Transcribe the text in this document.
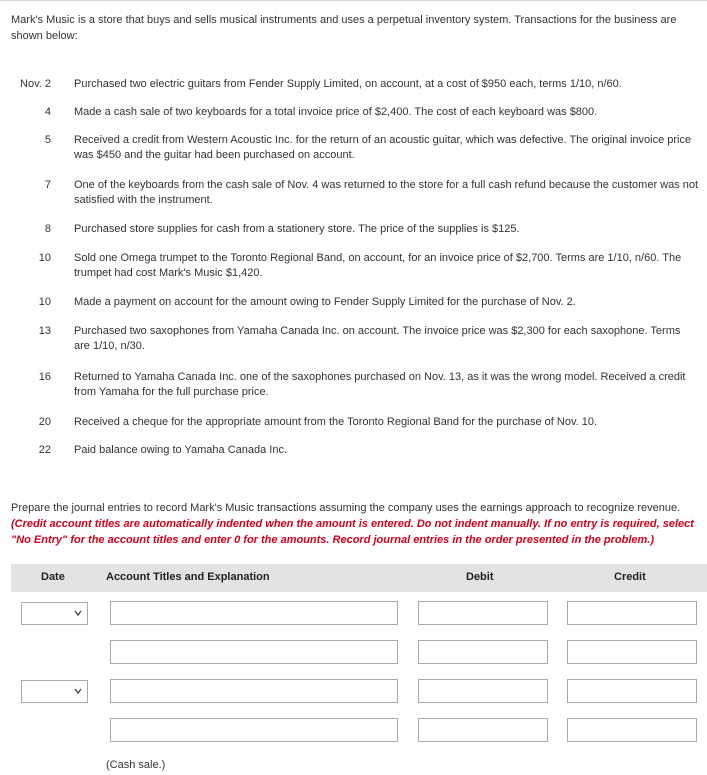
Mark's Music is a store that buys and sells musical instruments and uses a perpetual inventory system. Transactions for the business are shown below:
Nov. 2 Purchased two electric guitars from Fender Supply Limited, on account, at a cost of $950 each, terms 1/10, n/60.
4 Made a cash sale of two keyboards for a total invoice price of $2,400. The cost of each keyboard was $800.
5 Received a credit from Western Acoustic Inc. for the return of an acoustic guitar, which was defective. The original invoice price was $450 and the guitar had been purchased on account.
7 One of the keyboards from the cash sale of Nov. 4 was returned to the store for a full cash refund because the customer was not satisfied with the instrument.
8 Purchased store supplies for cash from a stationery store. The price of the supplies is $125.
10 Sold one Omega trumpet to the Toronto Regional Band, on account, for an invoice price of $2,700. Terms are 1/10, n/60. The trumpet had cost Mark's Music $1,420.
10 Made a payment on account for the amount owing to Fender Supply Limited for the purchase of Nov. 2.
13 Purchased two saxophones from Yamaha Canada Inc. on account. The invoice price was $2,300 for each saxophone. Terms are 1/10, n/30.
16 Returned to Yamaha Canada Inc. one of the saxophones purchased on Nov. 13, as it was the wrong model. Received a credit from Yamaha for the full purchase price.
20 Received a cheque for the appropriate amount from the Toronto Regional Band for the purchase of Nov. 10.
22 Paid balance owing to Yamaha Canada Inc.
Prepare the journal entries to record Mark's Music transactions assuming the company uses the earnings approach to recognize revenue. (Credit account titles are automatically indented when the amount is entered. Do not indent manually. If no entry is required, select "No Entry" for the account titles and enter 0 for the amounts. Record journal entries in the order presented in the problem.)
Date	Account Titles and Explanation	Debit	Credit
(Cash sale.)
